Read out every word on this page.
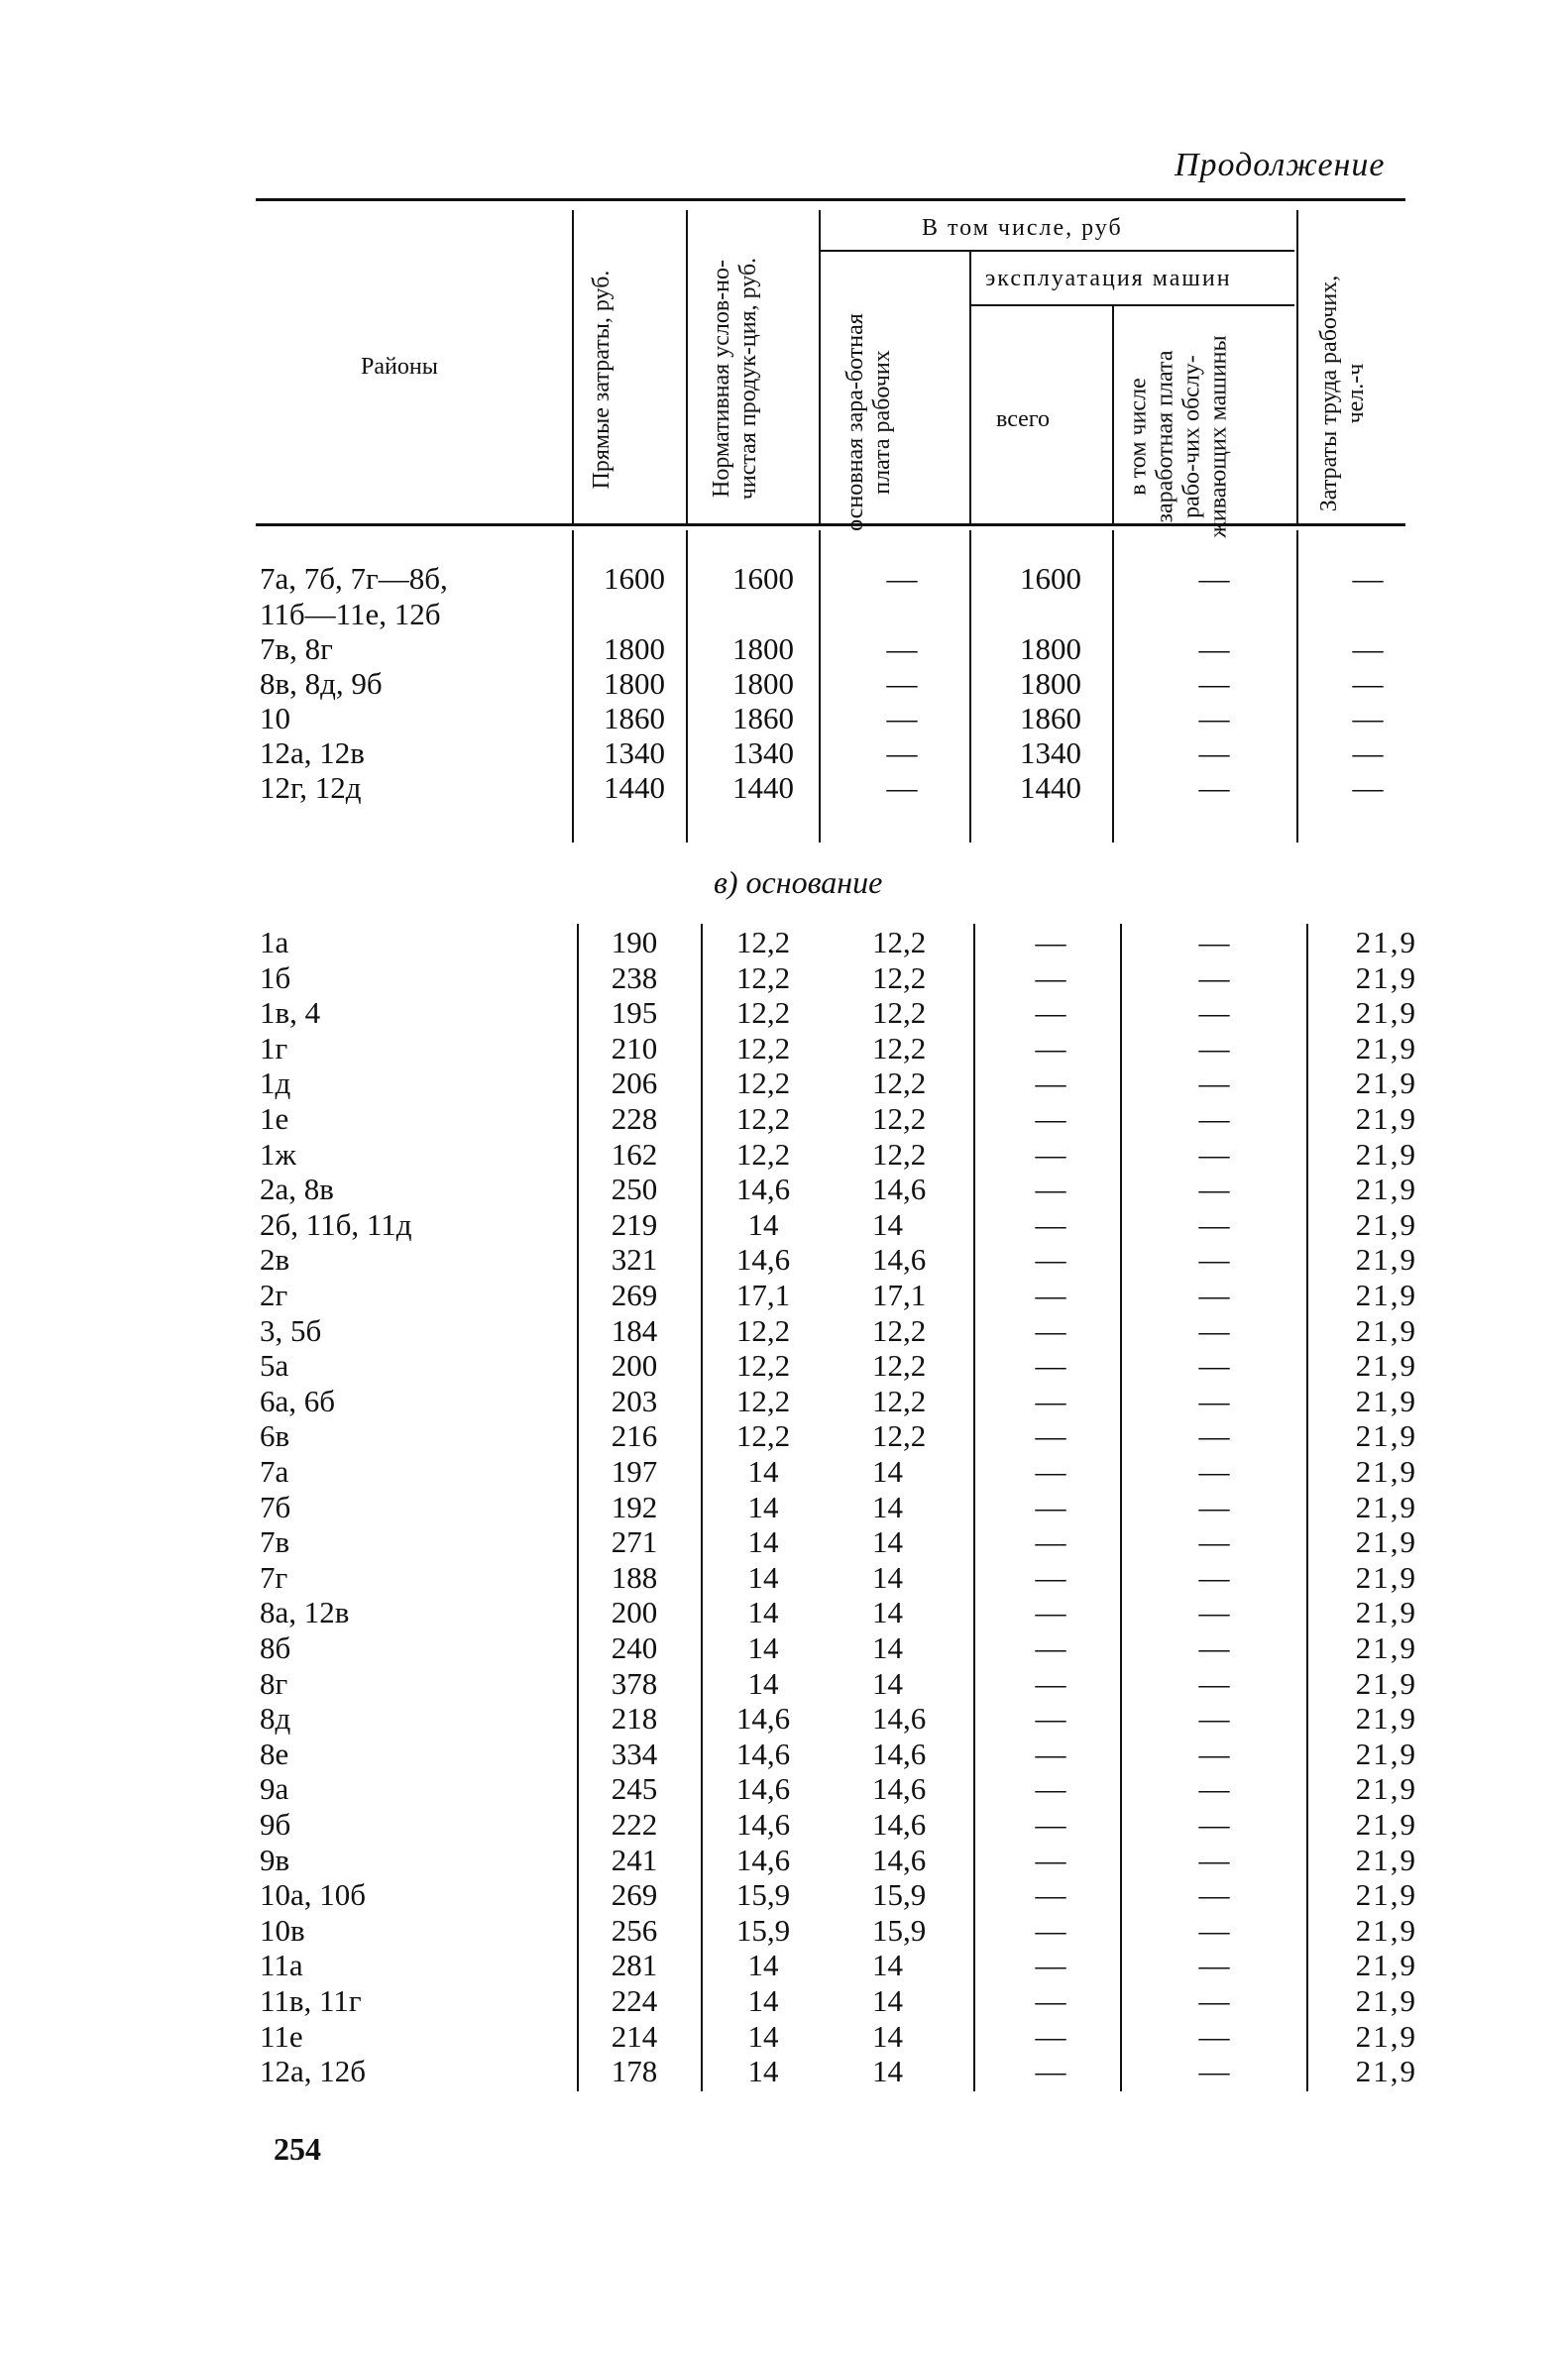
Продолжение
Районы	Прямые затраты, руб.	Нормативная услов-но-чистая продук-ция, руб.
В том числе, руб
основная зара-ботная плата рабочих
эксплуатация машин
всего	в том числе заработная плата рабо-чих обслу-живающих машины	Затраты труда рабочих, чел.-ч
7а, 7б, 7г—8б,	1600	1600	—	1600	—	—
11б—11е, 12б
7в, 8г	1800	1800	—	1800	—	—
8в, 8д, 9б	1800	1800	—	1800	—	—
10	1860	1860	—	1860	—	—
12а, 12в	1340	1340	—	1340	—	—
12г, 12д	1440	1440	—	1440	—	—
в) основание
1а	190	12,2	12,2	—	—	21,9
1б	238	12,2	12,2	—	—	21,9
1в, 4	195	12,2	12,2	—	—	21,9
1г	210	12,2	12,2	—	—	21,9
1д	206	12,2	12,2	—	—	21,9
1е	228	12,2	12,2	—	—	21,9
1ж	162	12,2	12,2	—	—	21,9
2а, 8в	250	14,6	14,6	—	—	21,9
2б, 11б, 11д	219	14	14	—	—	21,9
2в	321	14,6	14,6	—	—	21,9
2г	269	17,1	17,1	—	—	21,9
3, 5б	184	12,2	12,2	—	—	21,9
5а	200	12,2	12,2	—	—	21,9
6а, 6б	203	12,2	12,2	—	—	21,9
6в	216	12,2	12,2	—	—	21,9
7а	197	14	14	—	—	21,9
7б	192	14	14	—	—	21,9
7в	271	14	14	—	—	21,9
7г	188	14	14	—	—	21,9
8а, 12в	200	14	14	—	—	21,9
8б	240	14	14	—	—	21,9
8г	378	14	14	—	—	21,9
8д	218	14,6	14,6	—	—	21,9
8е	334	14,6	14,6	—	—	21,9
9а	245	14,6	14,6	—	—	21,9
9б	222	14,6	14,6	—	—	21,9
9в	241	14,6	14,6	—	—	21,9
10а, 10б	269	15,9	15,9	—	—	21,9
10в	256	15,9	15,9	—	—	21,9
11а	281	14	14	—	—	21,9
11в, 11г	224	14	14	—	—	21,9
11е	214	14	14	—	—	21,9
12а, 12б	178	14	14	—	—	21,9
254
